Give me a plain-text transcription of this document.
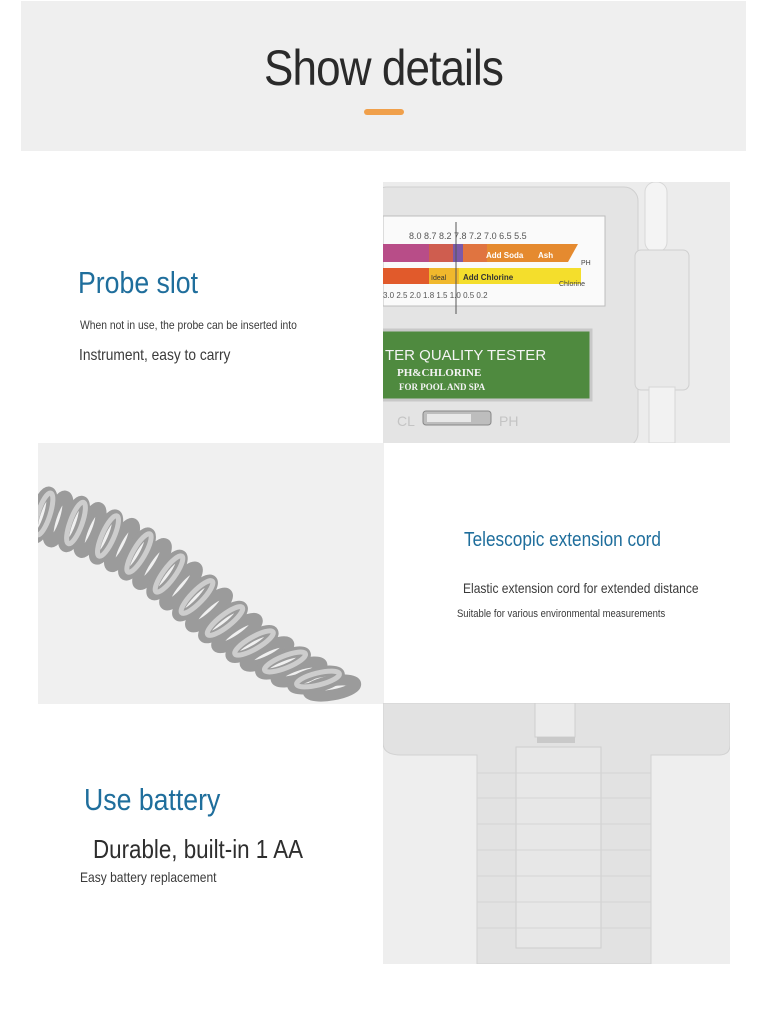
Show details
Probe slot

When not in use, the probe can be inserted into

Instrument, easy to carry

8.0 8.7 8.2 7.8 7.2 7.0 6.5 5.5
Add Soda Ash
PH
Ideal Add Chlorine
Chlorine
3.0 2.5 2.0 1.8 1.5 1.0 0.5 0.2
TER QUALITY TESTER
PH&CHLORINE
FOR POOL AND SPA
CL	PH
Telescopic extension cord

Elastic extension cord for extended distance

Suitable for various environmental measurements

Use battery

Durable, built-in 1 AA

Easy battery replacement
